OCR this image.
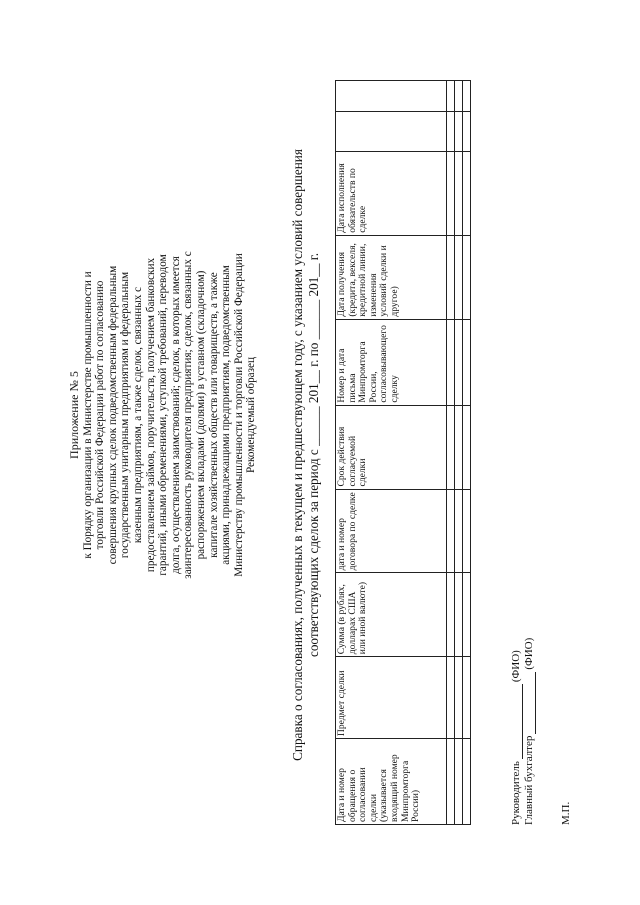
Приложение № 5 к Порядку организации в Министерстве промышленности и торговли Российской Федерации работ по согласованию совершения крупных сделок подведомственным федеральным государственным унитарным предприятиям и федеральным казенным предприятиям, а также сделок, связанных с предоставлением займов, поручительств, получением банковских гарантий, иными обременениями, уступкой требований, переводом долга, осуществлением заимствований; сделок, в которых имеется заинтересованность руководителя предприятия; сделок, связанных с распоряжением вкладами (долями) в уставном (складочном) капитале хозяйственных обществ или товариществ, а также акциями, принадлежащими предприятиям, подведомственным Министерству промышленности и торговли Российской Федерации Рекомендуемый образец Справка о согласованиях, полученных в текущем и предшествующем году, с указанием условий совершения соответствующих сделок за период с ______ 201__ г. по ______ 201__ г.
Дата и номер обращения о согласовании сделки (указывается входящий номер Минпромторга России)	Предмет сделки	Сумма (в рублях, долларах США или иной валюте)	дата и номер договора по сделке	Срок действия согласуемой сделки	Номер и дата письма Минпромторга России, согласовывающего сделку	Дата получения (кредита, векселя, кредитной линии, изменения условий сделки и другое)	Дата исполнения обязательств по сделке		

Руководитель
(ФИО)
Главный бухгалтер
(ФИО)
М.П.
